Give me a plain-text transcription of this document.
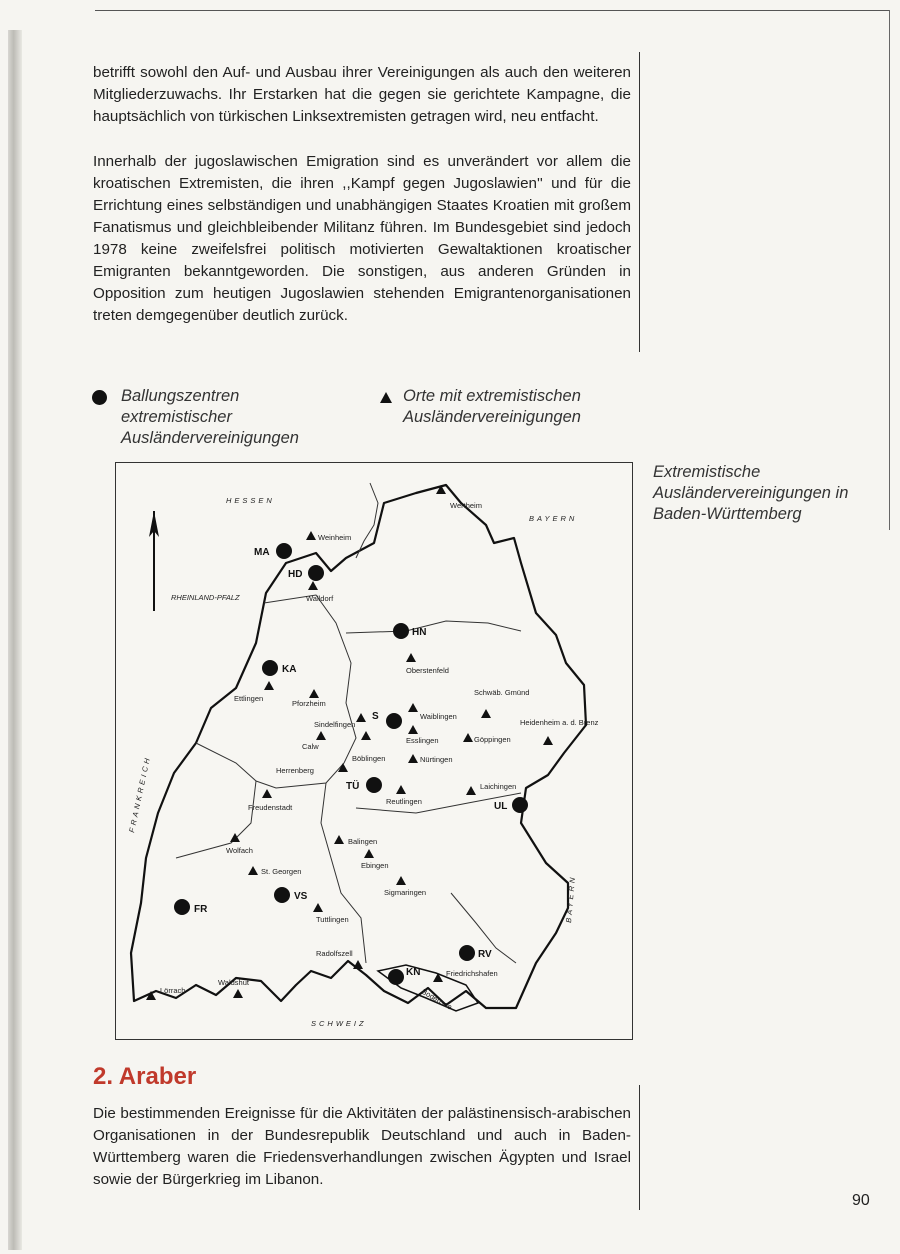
betrifft sowohl den Auf- und Ausbau ihrer Vereinigungen als auch den weiteren Mitgliederzuwachs. Ihr Erstarken hat die gegen sie gerichtete Kampagne, die hauptsächlich von türkischen Linksextremisten getragen wird, neu entfacht.

Innerhalb der jugoslawischen Emigration sind es unverändert vor allem die kroatischen Extremisten, die ihren ,,Kampf gegen Jugoslawien'' und für die Errichtung eines selbständigen und unabhängigen Staates Kroatien mit großem Fanatismus und gleichbleibender Militanz führen. Im Bundesgebiet sind jedoch 1978 keine zweifelsfrei politisch motivierten Gewaltaktionen kroatischer Emigranten bekanntgeworden. Die sonstigen, aus anderen Gründen in Opposition zum heutigen Jugoslawien stehenden Emigrantenorganisationen treten demgegenüber deutlich zurück.

Ballungszentren extremistischer Ausländervereinigungen
Orte mit extremistischen Ausländervereinigungen
HESSEN
BAYERN
RHEINLAND-PFALZ
FRANKREICH
BAYERN
SCHWEIZ
Bodensee
MA
HD
HN
KA
S
TÜ
UL
VS
FR
RV
KN
Weinheim
Walldorf
Wertheim
Oberstenfeld
Ettlingen
Pforzheim
Schwäb. Gmünd
Sindelfingen
Waiblingen
Heidenheim a. d. Brenz
Calw
Esslingen	Göppingen
Böblingen	Nürtingen
Herrenberg
Laichingen
Reutlingen
Freudenstadt
Wolfach
Balingen
Ebingen
St. Georgen
Sigmaringen
Tuttlingen
Radolfszell
Friedrichshafen
Lörrach
Waldshut
Extremistische Ausländervereinigungen in Baden-Württemberg
2. Araber

Die bestimmenden Ereignisse für die Aktivitäten der palästinensisch-arabischen Organisationen in der Bundesrepublik Deutschland und auch in Baden-Württemberg waren die Friedensverhandlungen zwischen Ägypten und Israel sowie der Bürgerkrieg im Libanon.

90
